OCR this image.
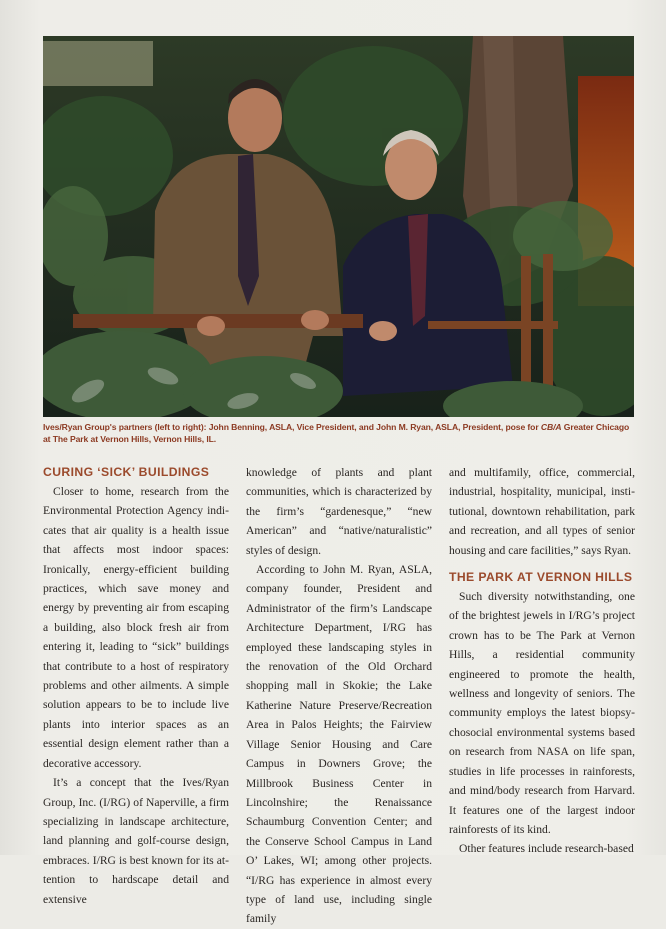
Ives/Ryan Group's partners (left to right): John Benning, ASLA, Vice President, and John M. Ryan, ASLA, President, pose for CB/A Greater Chicago at The Park at Vernon Hills, Vernon Hills, IL.
CURING ‘SICK’ BUILDINGS

Closer to home, research from the Environmental Protection Agency indicates that air quality is a health issue that affects most indoor spaces: Ironically, energy-efficient building practices, which save money and energy by preventing air from escaping a building, also block fresh air from entering it, leading to “sick” buildings that contribute to a host of respiratory problems and other ailments. A simple solution appears to be to include live plants into interior spaces as an essential design element rather than a decorative accessory.

It’s a concept that the Ives/Ryan Group, Inc. (I/RG) of Naperville, a firm specializing in landscape architecture, land planning and golf-course design, embraces. I/RG is best known for its attention to hardscape detail and extensive

knowledge of plants and plant communities, which is characterized by the firm’s “gardenesque,” “new American” and “native/naturalistic” styles of design.

According to John M. Ryan, ASLA, company founder, President and Administrator of the firm’s Landscape Architecture Department, I/RG has employed these landscaping styles in the renovation of the Old Orchard shopping mall in Skokie; the Lake Katherine Nature Preserve/Recreation Area in Palos Heights; the Fairview Village Senior Housing and Care Campus in Downers Grove; the Millbrook Business Center in Lincolnshire; the Renaissance Schaumburg Convention Center; and the Conserve School Campus in Land O’ Lakes, WI; among other projects. “I/RG has experience in almost every type of land use, including single family

and multifamily, office, commercial, industrial, hospitality, municipal, institutional, downtown rehabilitation, park and recreation, and all types of senior housing and care facilities,” says Ryan.

THE PARK AT VERNON HILLS

Such diversity notwithstanding, one of the brightest jewels in I/RG’s project crown has to be The Park at Vernon Hills, a residential community engineered to promote the health, wellness and longevity of seniors. The community employs the latest biopsychosocial environmental systems based on research from NASA on life span, studies in life processes in rainforests, and mind/body research from Harvard. It features one of the largest indoor rainforests of its kind.

Other features include research-based
